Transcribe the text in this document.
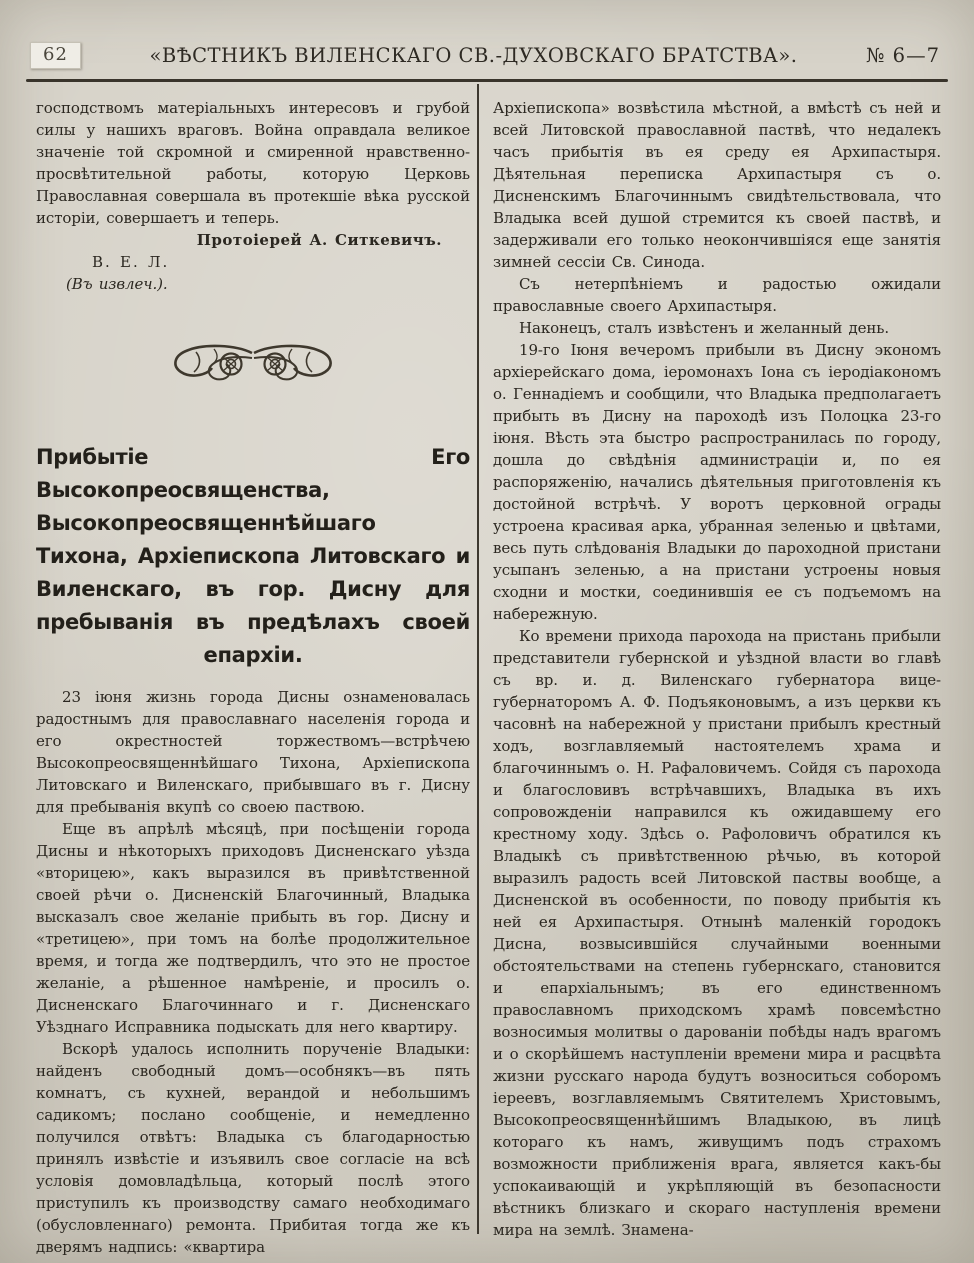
62	«ВѢСТНИКЪ ВИЛЕНСКАГО СВ.-ДУХОВСКАГО БРАТСТВА».	№ 6—7

господствомъ матеріальныхъ интересовъ и грубой силы у нашихъ враговъ. Война оправдала великое значеніе той скромной и смиренной нравственно-просвѣтительной работы, которую Церковь Православная совершала въ протекшіе вѣка русской исторіи, совершаетъ и теперь.

Протоіерей А. Ситкевичъ.

В. Е. Л.

(Въ извлеч.).

Прибытіе Его Высокопреосвященства, Высокопреосвященнѣйшаго Тихона, Архіепископа Литовскаго и Виленскаго, въ гор. Дисну для пребыванія въ предѣлахъ своей епархіи.

23 іюня жизнь города Дисны ознаменовалась радостнымъ для православнаго населенія города и его окрестностей торжествомъ—встрѣчею Высокопреосвященнѣйшаго Тихона, Архіепископа Литовскаго и Виленскаго, прибывшаго въ г. Дисну для пребыванія вкупѣ со своею паствою.

Еще въ апрѣлѣ мѣсяцѣ, при посѣщеніи города Дисны и нѣкоторыхъ приходовъ Дисненскаго уѣзда «вторицею», какъ выразился въ привѣтственной своей рѣчи о. Дисненскій Благочинный, Владыка высказалъ свое желаніе прибыть въ гор. Дисну и «третицею», при томъ на болѣе продолжительное время, и тогда же подтвердилъ, что это не простое желаніе, а рѣшенное намѣреніе, и просилъ о. Дисненскаго Благочиннаго и г. Дисненскаго Уѣзднаго Исправника подыскать для него квартиру.

Вскорѣ удалось исполнить порученіе Владыки: найденъ свободный домъ—особнякъ—въ пять комнатъ, съ кухней, верандой и небольшимъ садикомъ; послано сообщеніе, и немедленно получился отвѣтъ: Владыка съ благодарностью принялъ извѣстіе и изъявилъ свое согласіе на всѣ условія домовладѣльца, который послѣ этого приступилъ къ производству самаго необходимаго (обусловленнаго) ремонта. Прибитая тогда же къ дверямъ надпись: «квартира

Архіепископа» возвѣстила мѣстной, а вмѣстѣ съ ней и всей Литовской православной паствѣ, что недалекъ часъ прибытія въ ея среду ея Архипастыря. Дѣятельная переписка Архипастыря съ о. Дисненскимъ Благочиннымъ свидѣтельствовала, что Владыка всей душой стремится къ своей паствѣ, и задерживали его только неокончившіяся еще занятія зимней сессіи Св. Синода.

Съ нетерпѣніемъ и радостью ожидали православные своего Архипастыря.

Наконецъ, сталъ извѣстенъ и желанный день.

19-го Іюня вечеромъ прибыли въ Дисну экономъ архіерейскаго дома, іеромонахъ Іона съ іеродіакономъ о. Геннадіемъ и сообщили, что Владыка предполагаетъ прибыть въ Дисну на пароходѣ изъ Полоцка 23-го іюня. Вѣсть эта быстро распространилась по городу, дошла до свѣдѣнія администраціи и, по ея распоряженію, начались дѣятельныя приготовленія къ достойной встрѣчѣ. У воротъ церковной ограды устроена красивая арка, убранная зеленью и цвѣтами, весь путь слѣдованія Владыки до пароходной пристани усыпанъ зеленью, а на пристани устроены новыя сходни и мостки, соединившія ее съ подъемомъ на набережную.

Ко времени прихода парохода на пристань прибыли представители губернской и уѣздной власти во главѣ съ вр. и. д. Виленскаго губернатора вице-губернаторомъ А. Ф. Подъяконовымъ, а изъ церкви къ часовнѣ на набережной у пристани прибылъ крестный ходъ, возглавляемый настоятелемъ храма и благочиннымъ о. Н. Рафаловичемъ. Сойдя съ парохода и благословивъ встрѣчавшихъ, Владыка въ ихъ сопровожденіи направился къ ожидавшему его крестному ходу. Здѣсь о. Рафоловичъ обратился къ Владыкѣ съ привѣтственною рѣчью, въ которой выразилъ радость всей Литовской паствы вообще, а Дисненской въ особенности, по поводу прибытія къ ней ея Архипастыря. Отнынѣ маленкій городокъ Дисна, возвысившійся случайными военными обстоятельствами на степень губернскаго, становится и епархіальнымъ; въ его единственномъ православномъ приходскомъ храмѣ повсемѣстно возносимыя молитвы о дарованіи побѣды надъ врагомъ и о скорѣйшемъ наступленіи времени мира и расцвѣта жизни русскаго народа будутъ возноситься соборомъ іереевъ, возглавляемымъ Святителемъ Христовымъ, Высокопреосвященнѣйшимъ Владыкою, въ лицѣ котораго къ намъ, живущимъ подъ страхомъ возможности приближенія врага, является какъ-бы успокаивающій и укрѣпляющій въ безопасности вѣстникъ близкаго и скораго наступленія времени мира на землѣ. Знамена-
